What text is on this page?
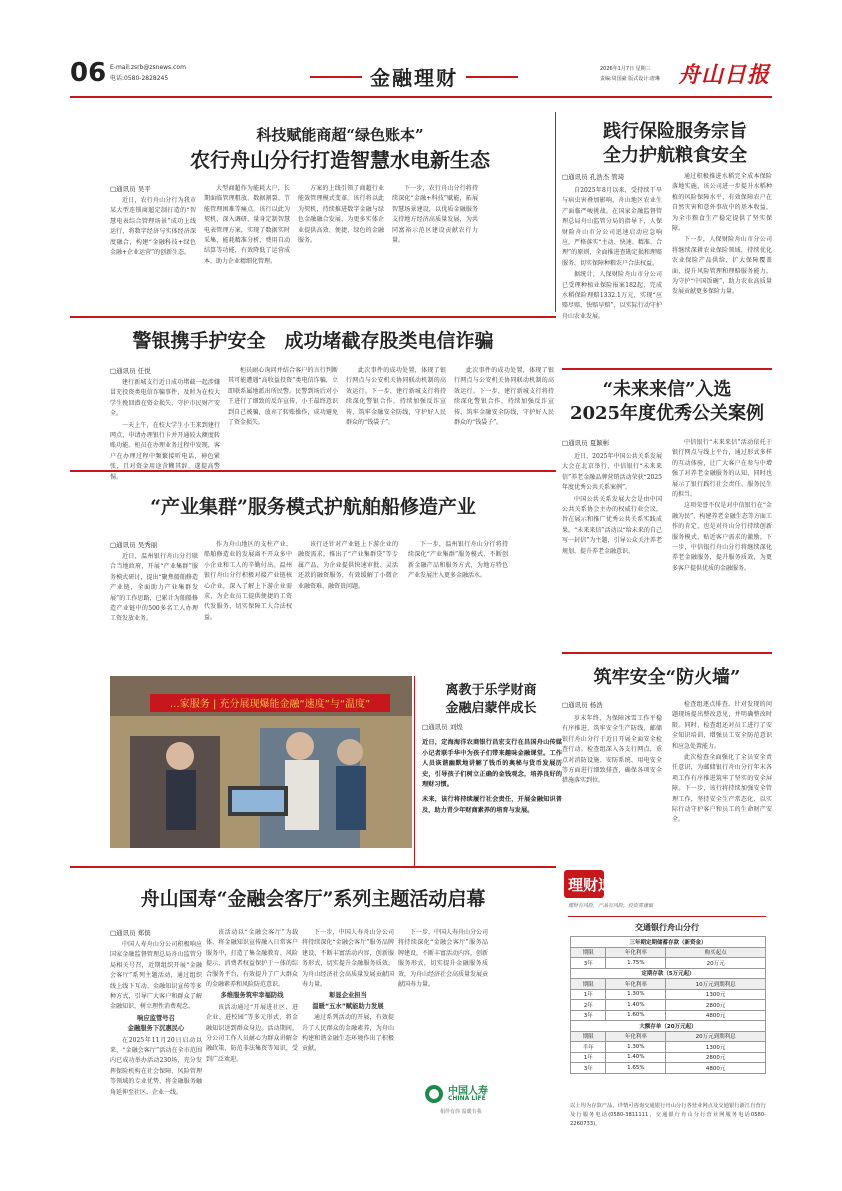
06 E-mail:zsrb@zsnews.com
电话:0580-2828245	金融理财	2026年1月7日 星期三
责编:周国豪 版式设计:唐琳 舟山日报
科技赋能商超“绿色账本”
农行舟山分行打造智慧水电新生态
□通讯员 吴平

近日，农行舟山分行为我市某大型连锁商超定制打造的“智慧电表综合管理场景”成功上线运行，将数字经济与实体经济深度融合，构建“金融科技+绿色金融+企业运营”的创新生态。

大型商超作为能耗大户，长期面临管理粗放、数据割裂、节能管理困难等痛点。该行以此为契机，深入调研，量身定制智慧电表管理方案，实现了数据实时采集、能耗精准分析、费用自动结算等功能，有效降低了运营成本，助力企业精细化管理。

方案的上线引领了商超行业能效管理模式变革。该行将以此为契机，持续推进数字金融与绿色金融融合发展，为更多实体企业提供高效、便捷、绿色的金融服务。

下一步，农行舟山分行将持续深化“金融+科技”赋能，拓展智慧场景建设，以优质金融服务支持地方经济高质量发展，为共同富裕示范区建设贡献农行力量。

践行保险服务宗旨
全力护航粮食安全
□通讯员 孔浩杰 管琦

自2025年8月以来，受持续干旱与病虫害叠加影响，舟山地区农业生产面临严峻挑战。在国家金融监督管理总局舟山监管分局的指导下，人保财险舟山市分公司迅速启动应急响应，严格落实“主动、快速、精准、合理”的原则，全面推进查勘定损和理赔服务，切实保障种粮农户合法权益。

据统计，人保财险舟山市分公司已受理种植业保险报案182起，完成水稻保险理赔1332.1万元，实现“应赔尽赔、快赔早赔”，以实际行动守护舟山农业发展。

通过积极推进水稻完全成本保险落地实施，该公司进一步提升水稻种植的风险保障水平，有效保障农户在自然灾害和意外事故中的基本收益，为全市粮食生产稳定提供了坚实保障。

下一步，人保财险舟山市分公司将继续深耕农业保险领域，持续优化农业保险产品供给，扩大保障覆盖面，提升风险管理和理赔服务能力，为守护“中国饭碗”、助力农业高质量发展贡献更多保险力量。

警银携手护安全　成功堵截存股类电信诈骗
□通讯员 任悦

建行新城支行近日成功堵截一起涉嫌冒充投资类电信诈骗事件，及时为在校大学生挽回潜在资金损失，守护市民财产安全。

一天上午，在校大学生小王来到建行网点，申请办理银行卡并开通较大额度转账功能。柜员在办理业务过程中发现，客户在办理过程中频繁接听电话，神色紧张，且对资金用途含糊其辞，遂提高警惕。

柜员耐心询问并结合客户的言行判断其可能遭遇“高收益投资”类电信诈骗，立即联系属地派出所民警。民警到场后对小王进行了细致的反诈宣传，小王最终意识到自己被骗，放弃了转账操作，成功避免了资金损失。

此次事件的成功处置，体现了银行网点与公安机关协同联动机制的高效运行。下一步，建行新城支行将持续深化警银合作，持续加强反诈宣传，筑牢金融安全防线，守护好人民群众的“钱袋子”。

此次事件的成功处置，体现了银行网点与公安机关协同联动机制的高效运行。下一步，建行新城支行将持续深化警银合作，持续加强反诈宣传，筑牢金融安全防线，守护好人民群众的“钱袋子”。

“未来来信”入选
2025年度优秀公关案例
□通讯员 夏颖彬

近日，2025年中国公共关系发展大会在北京举行，中信银行“未来来信”养老金融品牌营销活动荣获“2025年度优秀公共关系案例”。

中国公共关系发展大会是由中国公共关系协会主办的权威行业会议，旨在展示和推广优秀公共关系实践成果。“未来来信”活动以“给未来的自己写一封信”为主题，引导公众关注养老规划，提升养老金融意识。

中信银行“未来来信”活动依托于银行网点与线上平台，通过形式多样的互动体验，让广大客户在参与中增强了对养老金融服务的认知，同时也展示了银行践行社会责任、服务民生的担当。

这项荣誉不仅是对中信银行在“金融为民”、构建养老金融生态等方面工作的肯定，也是对舟山分行持续创新服务模式、贴近客户需求的激励。下一步，中信银行舟山分行将继续深化养老金融服务，提升服务质效，为更多客户提供优质的金融服务。

“产业集群”服务模式护航舶船修造产业
□通讯员 吴秀丽

近日，温州银行舟山分行联合当地政府，开展“产业集群”服务模式研讨，提出“聚焦船舶修造产业链，全面助力产业集群发展”的工作思路，已累计为舶船修造产业链中的500多名工人办理工资发放业务。

作为舟山地区的支柱产业，船舶修造业的发展离不开众多中小企业和工人的辛勤付出。温州银行舟山分行积极对接产业链核心企业，深入了解上下游企业需求，为企业员工提供便捷的工资代发服务，切实保障工人合法权益。

该行还针对产业链上下游企业的融资需求，推出了“产业集群贷”等专属产品，为企业提供快速审批、灵活还款的融资服务，有效缓解了小微企业融资难、融资贵问题。

下一步，温州银行舟山分行将持续深化“产业集群”服务模式，不断创新金融产品和服务方式，为地方特色产业发展注入更多金融活水。

…家服务 | 充分展现爆能金融“速度”与“温度”
离教于乐学财商
金融启蒙伴成长
□通讯员 刘煌

近日，定海海洋农商银行昌宏支行在昌国舟山传媒小记者联手华中为孩子们带来趣味金融课堂。工作人员诙谐幽默地讲解了钱币的奥秘与货币发展历史，引导孩子们树立正确的金钱观念，培养良好的理财习惯。

未来，该行将持续履行社会责任，开展金融知识普及，助力青少年财商素养的培育与发展。

筑牢安全“防火墙”
□通讯员 杨浩

岁末年终，为保障冰雪工作平稳有序推进，筑牢安全生产防线，邮储银行舟山分行于近日开展全面安全检查行动。检查组深入各支行网点，重点对消防设施、安防系统、用电安全等方面进行细致排查，确保各项安全措施落实到位。

检查组逐点排查，针对发现的问题现场提出整改意见，并明确整改时限。同时，检查组还对员工进行了安全知识培训，增强员工安全防范意识和应急处置能力。

此次检查全面强化了全员安全责任意识，为邮储银行舟山分行年末各项工作有序推进筑牢了坚实的安全屏障。下一步，该行将持续加强安全管理工作，坚持安全生产常态化，以实际行动守护客户和员工的生命财产安全。

舟山国寿“金融会客厅”系列主题活动启幕
□通讯员 郑傧

中国人寿舟山分公司积极响应国家金融监督管理总局舟山监管分局相关号召，近期组织开展“金融会客厅”系列主题活动，通过组织线上线下互动、金融知识宣传等多种方式，引导广大客户和群众了解金融知识、树立理性消费观念。

响应监管号召
金融服务下沉惠民心

在2025年11月20日启动以来，“金融会客厅”活动在全市范围内已成功举办活动230场，充分发挥保险机构在社会保障、风险管理等领域的专业优势，将金融服务触角延伸至社区、企业一线。

该活动以“金融会客厅”为载体，将金融知识宣传融入日常客户服务中，打造了集金融教育、风险提示、消费者权益保护于一体的综合服务平台，有效提升了广大群众的金融素养和风险防范意识。

多维服务筑牢幸福防线

该活动通过“开展进社区、进企业、进校园”等多元形式，将金融知识送到群众身边。活动期间，分公司工作人员耐心为群众讲解金融政策、防范非法集资等知识，受到广泛欢迎。

下一步，中国人寿舟山分公司将持续深化“金融会客厅”服务品牌建设，不断丰富活动内容，创新服务形式，切实提升金融服务质效，为舟山经济社会高质量发展贡献国寿力量。

彰显企业担当
温暖“五水”赋能助力发展

通过系列活动的开展，有效提升了人民群众的金融素养，为舟山构建和谐金融生态环境作出了积极贡献。

下一步，中国人寿舟山分公司将持续深化“金融会客厅”服务品牌建设，不断丰富活动内容，创新服务形式，切实提升金融服务质效，为舟山经济社会高质量发展贡献国寿力量。

中国人寿
CHINA LIFE
相伴有你 温暖有我
理财速递
理财有风险，产品有风险，投资需谨慎
交通银行舟山分行
三年期定期储蓄存款（新资金）		
期限	年化利率	购买起点
3年	1.75%	20万元
定期存款（5万元起）		
期限	年化利率	10万元到期利息
1年	1.30%	1300元
2年	1.40%	2800元
3年	1.60%	4800元
大额存单（20万元起）		
期限	年化利率	20万元到期利息
半年	1.30%	1300元
1年	1.40%	2800元
3年	1.65%	4800元
以上均为存款产品，详情可咨询交通银行舟山分行各营业网点及交通银行浙江自营行及行服务电话(0580-3811111，交通银行舟山分行营业网服务电话0580-2260733)。
